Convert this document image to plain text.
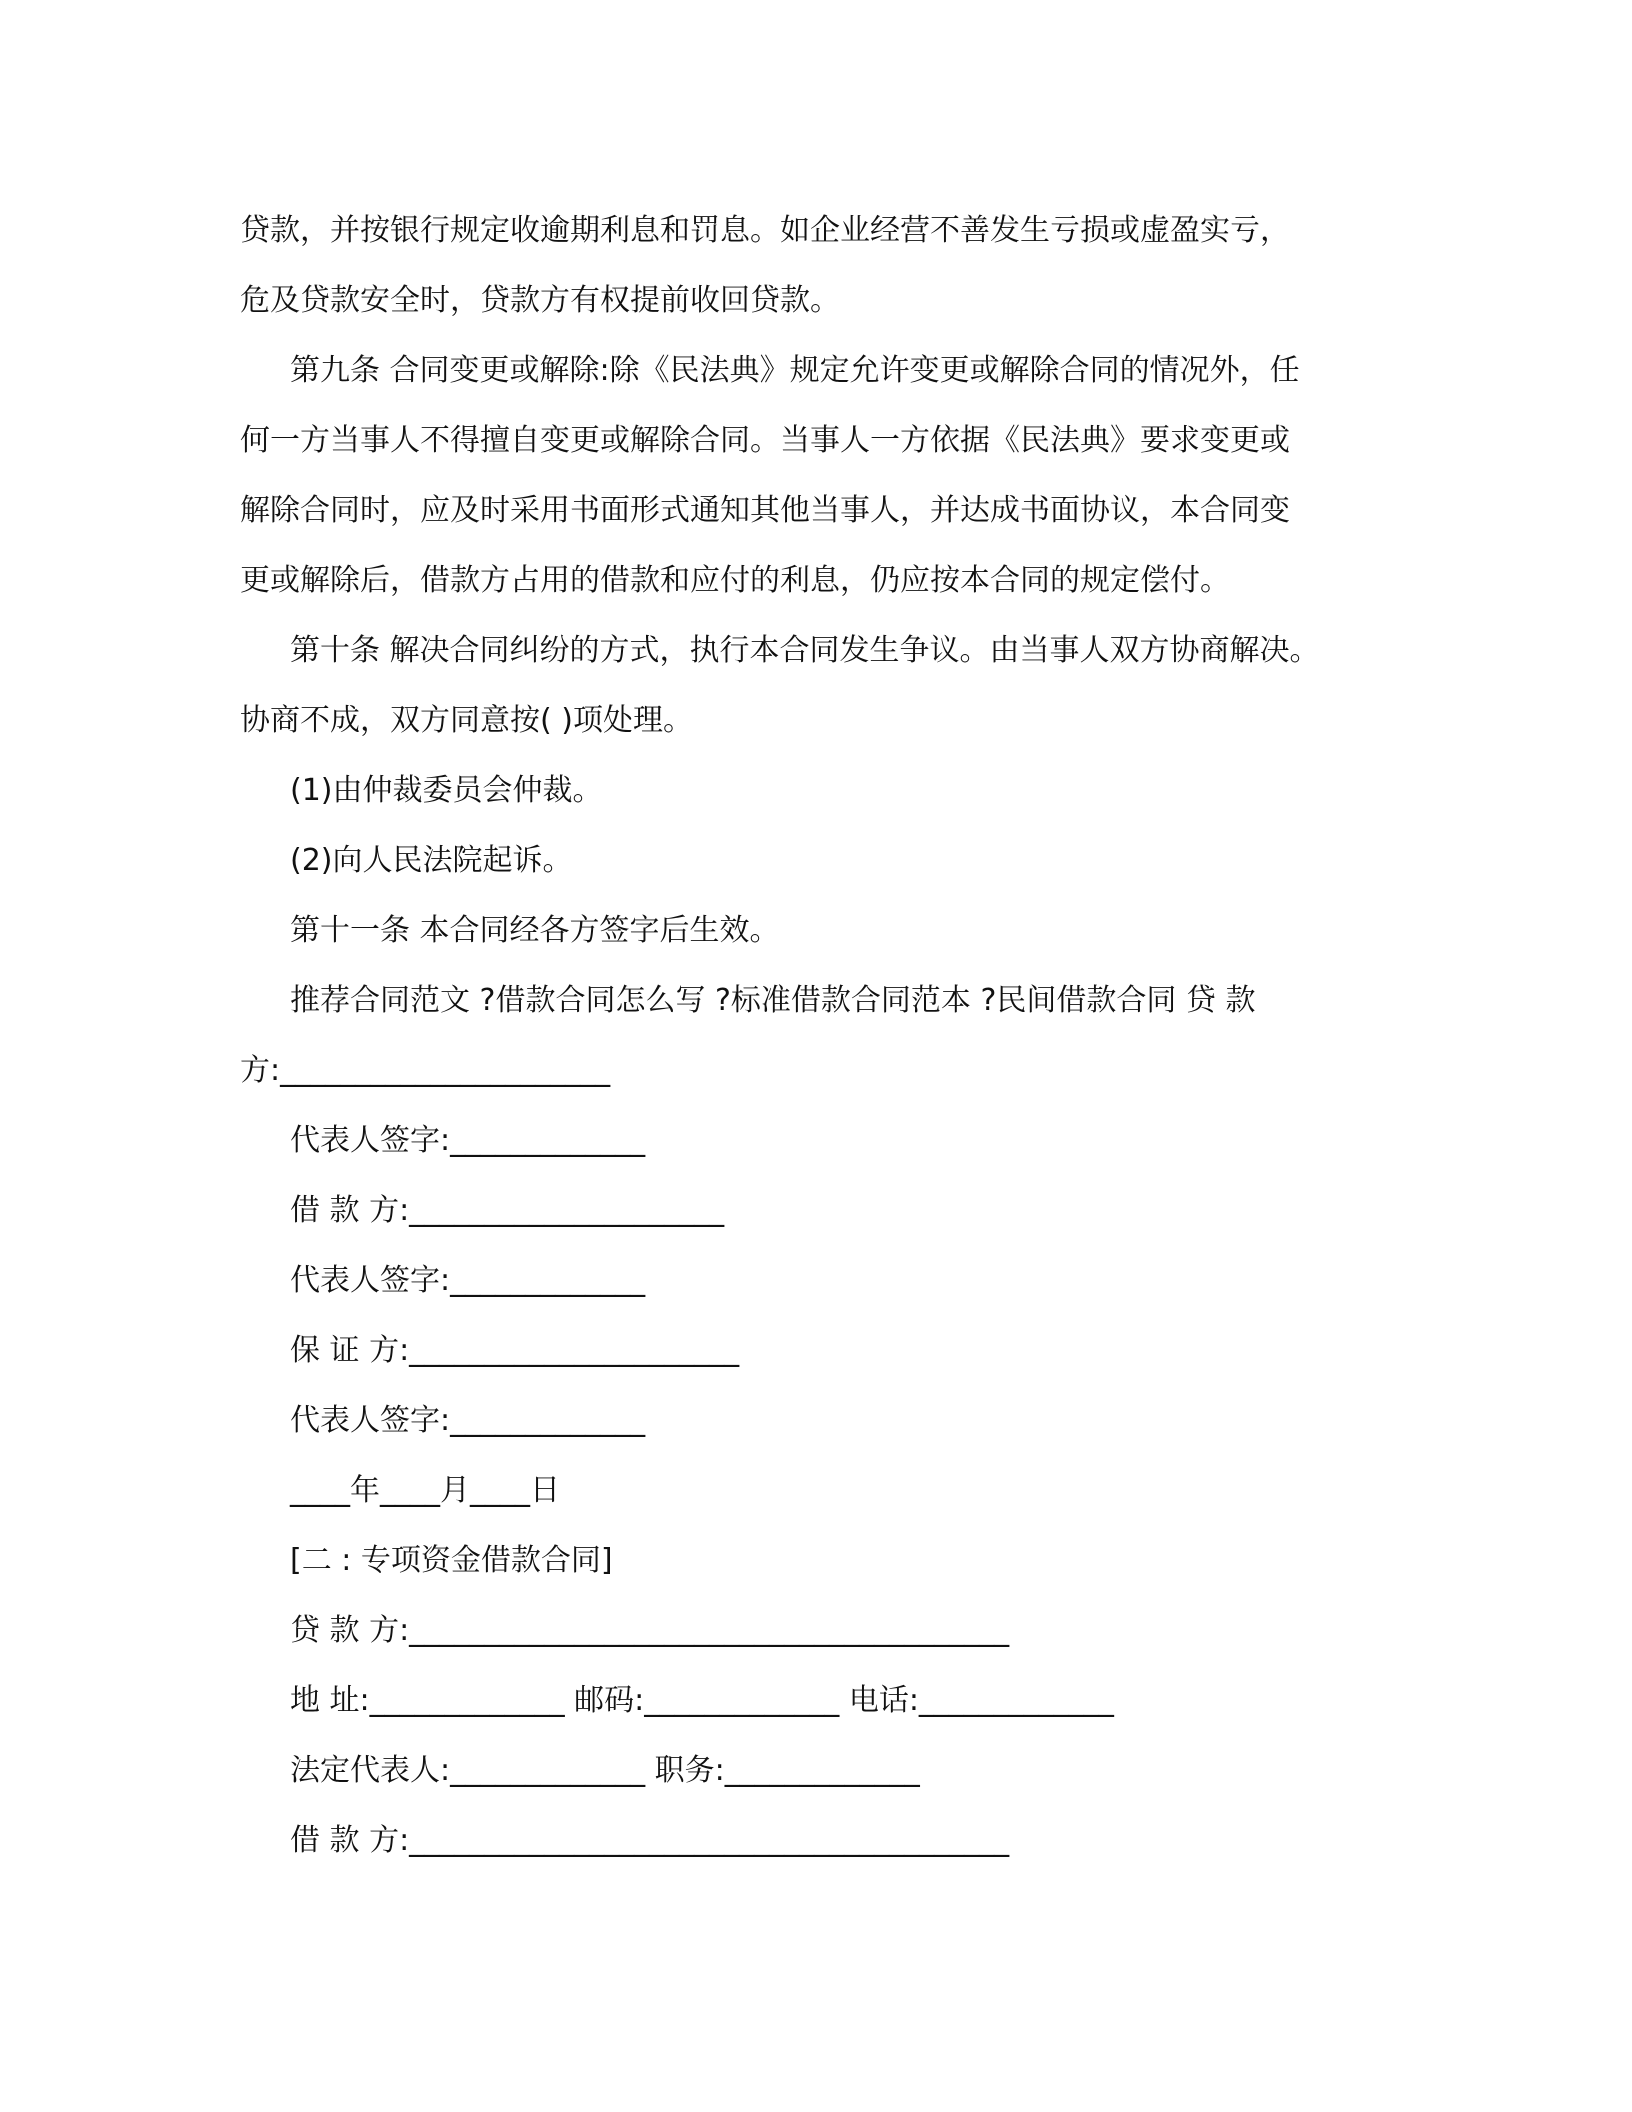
贷款，并按银行规定收逾期利息和罚息。如企业经营不善发生亏损或虚盈实亏，
危及贷款安全时，贷款方有权提前收回贷款。
第九条 合同变更或解除:除《民法典》规定允许变更或解除合同的情况外，任
何一方当事人不得擅自变更或解除合同。当事人一方依据《民法典》要求变更或
解除合同时，应及时采用书面形式通知其他当事人，并达成书面协议，本合同变
更或解除后，借款方占用的借款和应付的利息，仍应按本合同的规定偿付。
第十条 解决合同纠纷的方式，执行本合同发生争议。由当事人双方协商解决。
协商不成，双方同意按( )项处理。
(1)由仲裁委员会仲裁。
(2)向人民法院起诉。
第十一条 本合同经各方签字后生效。
推荐合同范文 ?借款合同怎么写 ?标准借款合同范本 ?民间借款合同 贷 款
方:______________________
代表人签字:_____________
借 款 方:_____________________
代表人签字:_____________
保 证 方:______________________
代表人签字:_____________
____年____月____日
[二 : 专项资金借款合同]
贷 款 方:________________________________________
地 址:_____________ 邮码:_____________ 电话:_____________
法定代表人:_____________ 职务:_____________
借 款 方:________________________________________
